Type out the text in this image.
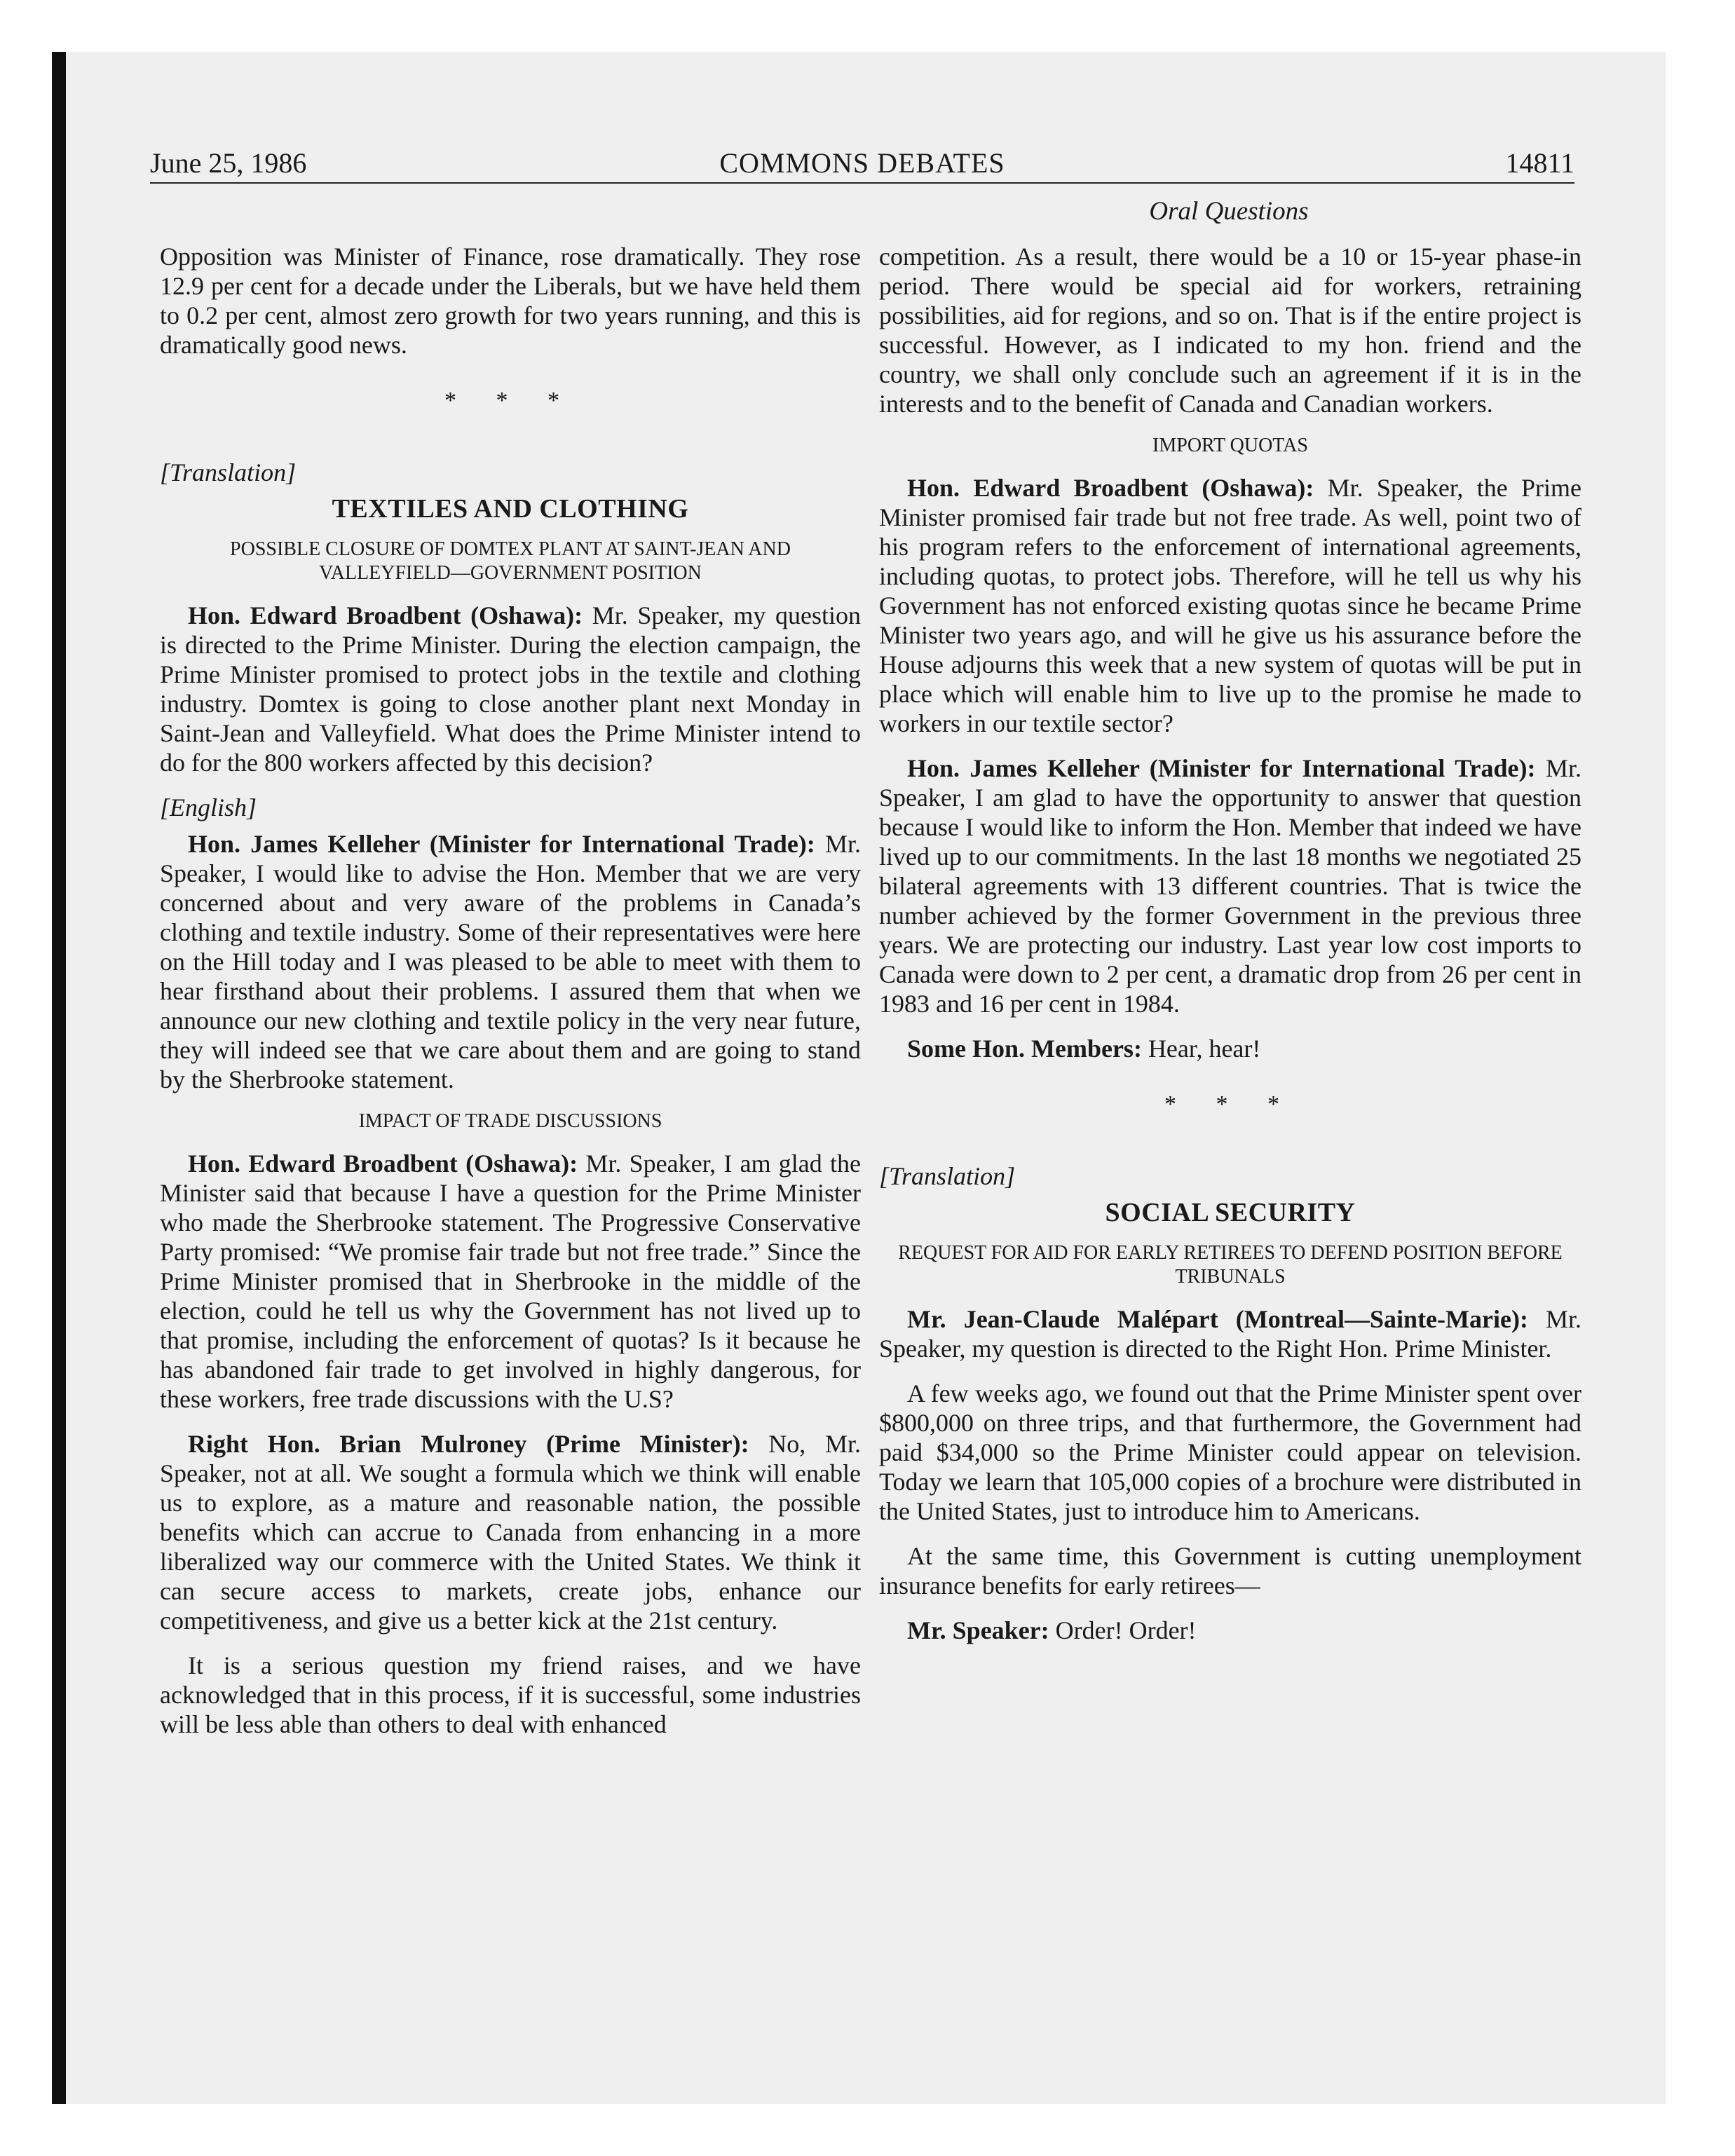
June 25, 1986	COMMONS DEBATES	14811
Oral Questions

Opposition was Minister of Finance, rose dramatically. They rose 12.9 per cent for a decade under the Liberals, but we have held them to 0.2 per cent, almost zero growth for two years running, and this is dramatically good news.

* * *
[Translation]
TEXTILES AND CLOTHING
POSSIBLE CLOSURE OF DOMTEX PLANT AT SAINT-JEAN AND VALLEYFIELD—GOVERNMENT POSITION

Hon. Edward Broadbent (Oshawa): Mr. Speaker, my question is directed to the Prime Minister. During the election campaign, the Prime Minister promised to protect jobs in the textile and clothing industry. Domtex is going to close another plant next Monday in Saint-Jean and Valleyfield. What does the Prime Minister intend to do for the 800 workers affected by this decision?

[English]

Hon. James Kelleher (Minister for International Trade): Mr. Speaker, I would like to advise the Hon. Member that we are very concerned about and very aware of the problems in Canada’s clothing and textile industry. Some of their representatives were here on the Hill today and I was pleased to be able to meet with them to hear firsthand about their problems. I assured them that when we announce our new clothing and textile policy in the very near future, they will indeed see that we care about them and are going to stand by the Sherbrooke statement.

IMPACT OF TRADE DISCUSSIONS

Hon. Edward Broadbent (Oshawa): Mr. Speaker, I am glad the Minister said that because I have a question for the Prime Minister who made the Sherbrooke statement. The Progressive Conservative Party promised: “We promise fair trade but not free trade.” Since the Prime Minister promised that in Sherbrooke in the middle of the election, could he tell us why the Government has not lived up to that promise, including the enforcement of quotas? Is it because he has abandoned fair trade to get involved in highly dangerous, for these workers, free trade discussions with the U.S?

Right Hon. Brian Mulroney (Prime Minister): No, Mr. Speaker, not at all. We sought a formula which we think will enable us to explore, as a mature and reasonable nation, the possible benefits which can accrue to Canada from enhancing in a more liberalized way our commerce with the United States. We think it can secure access to markets, create jobs, enhance our competitiveness, and give us a better kick at the 21st century.

It is a serious question my friend raises, and we have acknowledged that in this process, if it is successful, some industries will be less able than others to deal with enhanced

competition. As a result, there would be a 10 or 15-year phase-in period. There would be special aid for workers, retraining possibilities, aid for regions, and so on. That is if the entire project is successful. However, as I indicated to my hon. friend and the country, we shall only conclude such an agreement if it is in the interests and to the benefit of Canada and Canadian workers.

IMPORT QUOTAS

Hon. Edward Broadbent (Oshawa): Mr. Speaker, the Prime Minister promised fair trade but not free trade. As well, point two of his program refers to the enforcement of international agreements, including quotas, to protect jobs. Therefore, will he tell us why his Government has not enforced existing quotas since he became Prime Minister two years ago, and will he give us his assurance before the House adjourns this week that a new system of quotas will be put in place which will enable him to live up to the promise he made to workers in our textile sector?

Hon. James Kelleher (Minister for International Trade): Mr. Speaker, I am glad to have the opportunity to answer that question because I would like to inform the Hon. Member that indeed we have lived up to our commitments. In the last 18 months we negotiated 25 bilateral agreements with 13 different countries. That is twice the number achieved by the former Government in the previous three years. We are protecting our industry. Last year low cost imports to Canada were down to 2 per cent, a dramatic drop from 26 per cent in 1983 and 16 per cent in 1984.

Some Hon. Members: Hear, hear!

* * *
[Translation]
SOCIAL SECURITY
REQUEST FOR AID FOR EARLY RETIREES TO DEFEND POSITION BEFORE TRIBUNALS

Mr. Jean-Claude Malépart (Montreal—Sainte-Marie): Mr. Speaker, my question is directed to the Right Hon. Prime Minister.

A few weeks ago, we found out that the Prime Minister spent over $800,000 on three trips, and that furthermore, the Government had paid $34,000 so the Prime Minister could appear on television. Today we learn that 105,000 copies of a brochure were distributed in the United States, just to introduce him to Americans.

At the same time, this Government is cutting unemployment insurance benefits for early retirees—

Mr. Speaker: Order! Order!
